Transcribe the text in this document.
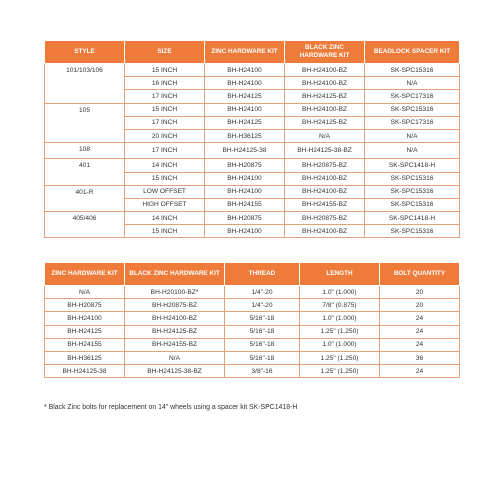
STYLE	SIZE	ZINC HARDWARE KIT	BLACK ZINC HARDWARE KIT	BEADLOCK SPACER KIT
101/103/106	15 INCH	BH-H24100	BH-H24100-BZ	SK-SPC15316
	16 INCH	BH-H24100	BH-H24100-BZ	N/A
	17 INCH	BH-H24125	BH-H24125-BZ	SK-SPC17316
105	15 INCH	BH-H24100	BH-H24100-BZ	SK-SPC15316
	17 INCH	BH-H24125	BH-H24125-BZ	SK-SPC17316
	20 INCH	BH-H36125	N/A	N/A
108	17 INCH	BH-H24125-38	BH-H24125-38-BZ	N/A
401	14 INCH	BH-H20875	BH-H20875-BZ	SK-SPC1418-H
	15 INCH	BH-H24100	BH-H24100-BZ	SK-SPC15316
401-R	LOW OFFSET	BH-H24100	BH-H24100-BZ	SK-SPC15316
	HIGH OFFSET	BH-H24155	BH-H24155-BZ	SK-SPC15316
405/406	14 INCH	BH-H20875	BH-H20875-BZ	SK-SPC1418-H
	15 INCH	BH-H24100	BH-H24100-BZ	SK-SPC15316
ZINC HARDWARE KIT	BLACK ZINC HARDWARE KIT	THREAD	LENGTH	BOLT QUANTITY
N/A	BH-H20100-BZ*	1/4"-20	1.0" (1.000)	20
BH-H20875	BH-H20875-BZ	1/4"-20	7/8" (0.875)	20
BH-H24100	BH-H24100-BZ	5/16"-18	1.0" (1.000)	24
BH-H24125	BH-H24125-BZ	5/16"-18	1.25" (1.250)	24
BH-H24155	BH-H24155-BZ	5/16"-18	1.0" (1.000)	24
BH-H36125	N/A	5/16"-18	1.25" (1.250)	36
BH-H24125-38	BH-H24125-38-BZ	3/8"-16	1.25" (1.250)	24
* Black Zinc bolts for replacement on 14" wheels using a spacer kit SK-SPC1418-H
